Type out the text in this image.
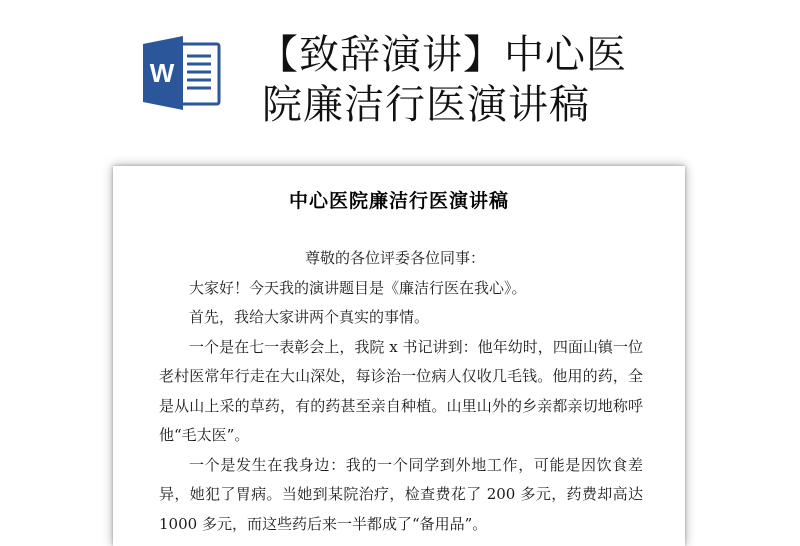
W 【致辞演讲】中心医
院廉洁行医演讲稿
中心医院廉洁行医演讲稿

尊敬的各位评委各位同事：

大家好！今天我的演讲题目是《廉洁行医在我心》。

首先，我给大家讲两个真实的事情。

一个是在七一表彰会上，我院 x 书记讲到：他年幼时，四面山镇一位老村医常年行走在大山深处，每诊治一位病人仅收几毛钱。他用的药，全是从山上采的草药，有的药甚至亲自种植。山里山外的乡亲都亲切地称呼他“毛太医”。

一个是发生在我身边：我的一个同学到外地工作，可能是因饮食差异，她犯了胃病。当她到某院治疗，检查费花了 200 多元，药费却高达 1000 多元，而这些药后来一半都成了“备用品”。
